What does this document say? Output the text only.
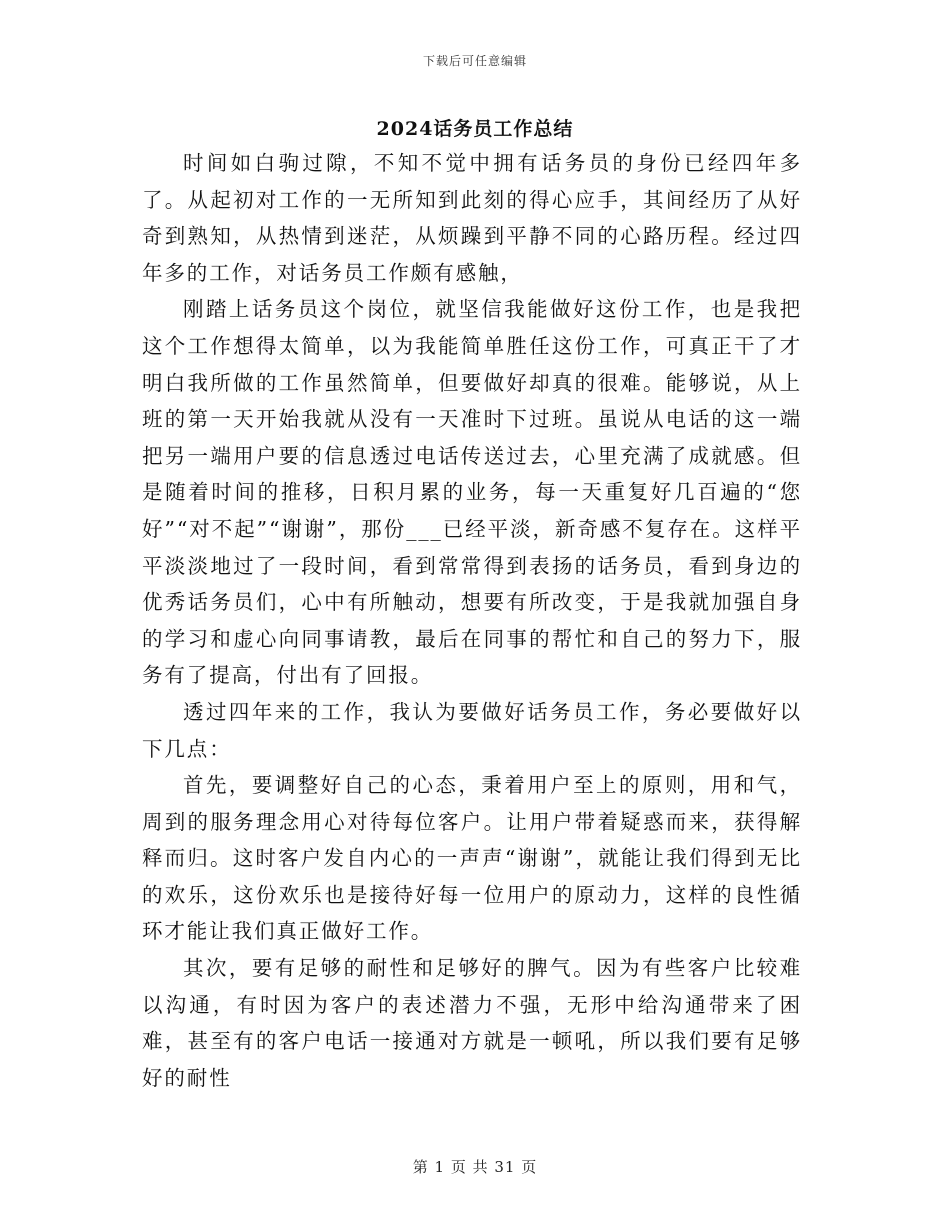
下载后可任意编辑
2024话务员工作总结

时间如白驹过隙，不知不觉中拥有话务员的身份已经四年多了。从起初对工作的一无所知到此刻的得心应手，其间经历了从好奇到熟知，从热情到迷茫，从烦躁到平静不同的心路历程。经过四年多的工作，对话务员工作颇有感触，

刚踏上话务员这个岗位，就坚信我能做好这份工作，也是我把这个工作想得太简单，以为我能简单胜任这份工作，可真正干了才明白我所做的工作虽然简单，但要做好却真的很难。能够说，从上班的第一天开始我就从没有一天准时下过班。虽说从电话的这一端把另一端用户要的信息透过电话传送过去，心里充满了成就感。但是随着时间的推移，日积月累的业务，每一天重复好几百遍的“您好”“对不起”“谢谢”，那份___已经平淡，新奇感不复存在。这样平平淡淡地过了一段时间，看到常常得到表扬的话务员，看到身边的优秀话务员们，心中有所触动，想要有所改变，于是我就加强自身的学习和虚心向同事请教，最后在同事的帮忙和自己的努力下，服务有了提高，付出有了回报。

透过四年来的工作，我认为要做好话务员工作，务必要做好以下几点：

首先，要调整好自己的心态，秉着用户至上的原则，用和气，周到的服务理念用心对待每位客户。让用户带着疑惑而来，获得解释而归。这时客户发自内心的一声声“谢谢”，就能让我们得到无比的欢乐，这份欢乐也是接待好每一位用户的原动力，这样的良性循环才能让我们真正做好工作。

其次，要有足够的耐性和足够好的脾气。因为有些客户比较难以沟通，有时因为客户的表述潜力不强，无形中给沟通带来了困难，甚至有的客户电话一接通对方就是一顿吼，所以我们要有足够好的耐性

第 1 页 共 31 页
